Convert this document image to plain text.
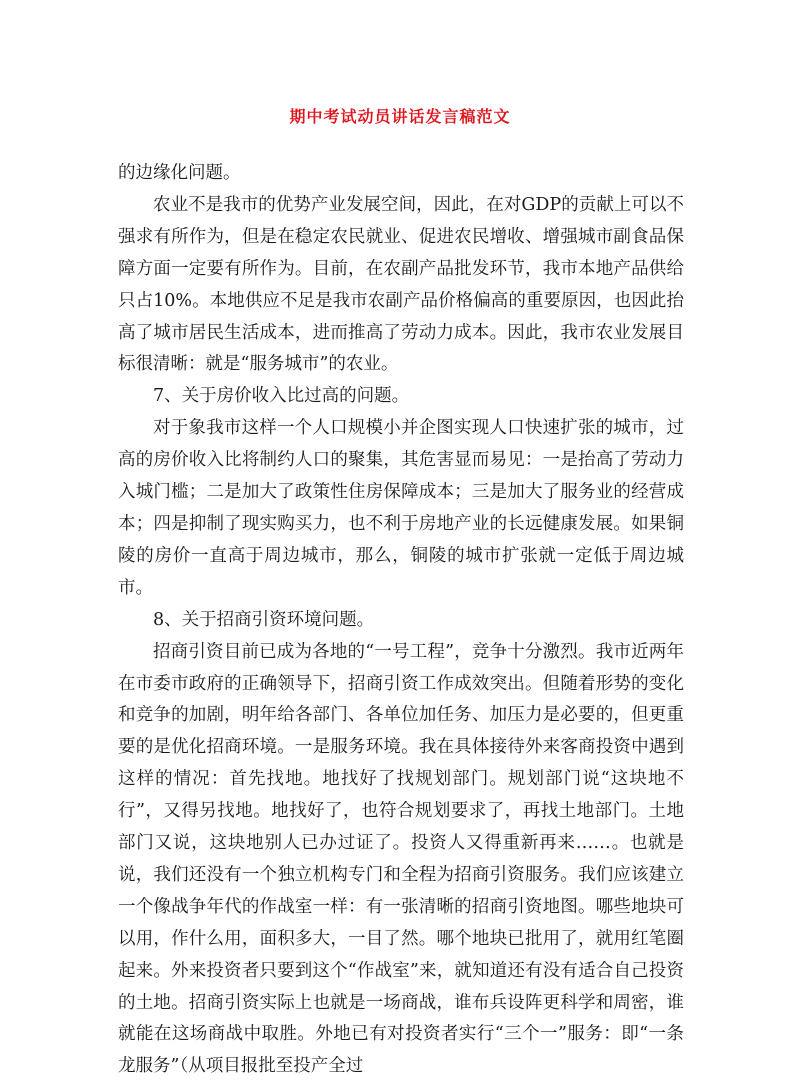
期中考试动员讲话发言稿范文

的边缘化问题。

农业不是我市的优势产业发展空间，因此，在对GDP的贡献上可以不强求有所作为，但是在稳定农民就业、促进农民增收、增强城市副食品保障方面一定要有所作为。目前，在农副产品批发环节，我市本地产品供给只占10%。本地供应不足是我市农副产品价格偏高的重要原因，也因此抬高了城市居民生活成本，进而推高了劳动力成本。因此，我市农业发展目标很清晰：就是“服务城市”的农业。

7、关于房价收入比过高的问题。

对于象我市这样一个人口规模小并企图实现人口快速扩张的城市，过高的房价收入比将制约人口的聚集，其危害显而易见：一是抬高了劳动力入城门槛；二是加大了政策性住房保障成本；三是加大了服务业的经营成本；四是抑制了现实购买力，也不利于房地产业的长远健康发展。如果铜陵的房价一直高于周边城市，那么，铜陵的城市扩张就一定低于周边城市。

8、关于招商引资环境问题。

招商引资目前已成为各地的“一号工程”，竞争十分激烈。我市近两年在市委市政府的正确领导下，招商引资工作成效突出。但随着形势的变化和竞争的加剧，明年给各部门、各单位加任务、加压力是必要的，但更重要的是优化招商环境。一是服务环境。我在具体接待外来客商投资中遇到这样的情况：首先找地。地找好了找规划部门。规划部门说“这块地不行”，又得另找地。地找好了，也符合规划要求了，再找土地部门。土地部门又说，这块地别人已办过证了。投资人又得重新再来……。也就是说，我们还没有一个独立机构专门和全程为招商引资服务。我们应该建立一个像战争年代的作战室一样：有一张清晰的招商引资地图。哪些地块可以用，作什么用，面积多大，一目了然。哪个地块已批用了，就用红笔圈起来。外来投资者只要到这个“作战室”来，就知道还有没有适合自己投资的土地。招商引资实际上也就是一场商战，谁布兵设阵更科学和周密，谁就能在这场商战中取胜。外地已有对投资者实行“三个一”服务：即“一条龙服务”（从项目报批至投产全过
